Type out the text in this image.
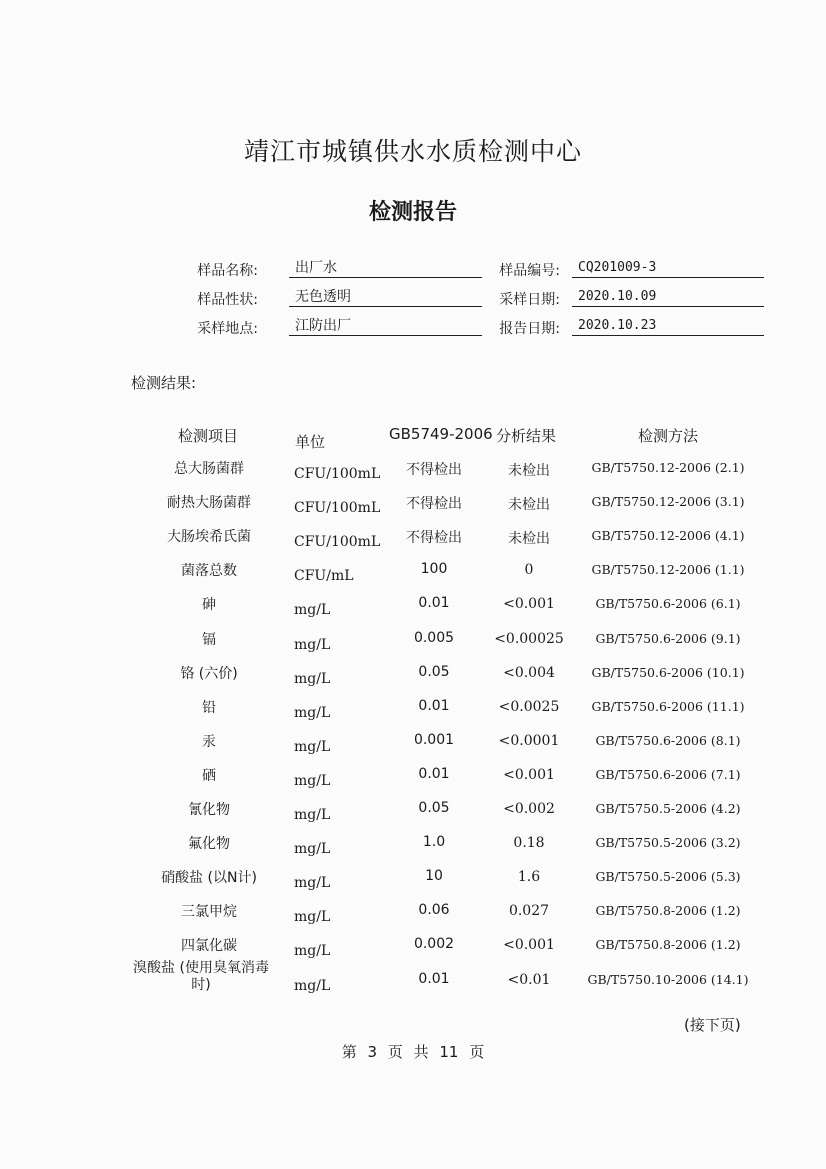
靖江市城镇供水水质检测中心
检测报告
样品名称:	出厂水
样品性状:	无色透明
采样地点:	江防出厂
样品编号:	CQ201009-3
采样日期:	2020.10.09
报告日期:	2020.10.23
检测结果:
检测项目	单位	GB5749-2006 分析结果	检测方法
总大肠菌群	CFU/100mL	不得检出	未检出	GB/T5750.12-2006 (2.1)
耐热大肠菌群	CFU/100mL	不得检出	未检出	GB/T5750.12-2006 (3.1)
大肠埃希氏菌	CFU/100mL	不得检出	未检出	GB/T5750.12-2006 (4.1)
菌落总数	CFU/mL	100	0	GB/T5750.12-2006 (1.1)
砷	mg/L	0.01	<0.001	GB/T5750.6-2006 (6.1)
镉	mg/L	0.005	<0.00025	GB/T5750.6-2006 (9.1)
铬 (六价)	mg/L	0.05	<0.004	GB/T5750.6-2006 (10.1)
铅	mg/L	0.01	<0.0025	GB/T5750.6-2006 (11.1)
汞	mg/L	0.001	<0.0001	GB/T5750.6-2006 (8.1)
硒	mg/L	0.01	<0.001	GB/T5750.6-2006 (7.1)
氰化物	mg/L	0.05	<0.002	GB/T5750.5-2006 (4.2)
氟化物	mg/L	1.0	0.18	GB/T5750.5-2006 (3.2)
硝酸盐 (以N计)	mg/L	10	1.6	GB/T5750.5-2006 (5.3)
三氯甲烷	mg/L	0.06	0.027	GB/T5750.8-2006 (1.2)
四氯化碳	mg/L	0.002	<0.001	GB/T5750.8-2006 (1.2)
溴酸盐 (使用臭氧消毒时)	mg/L	0.01	<0.01	GB/T5750.10-2006 (14.1)
(接下页)
第 3 页 共 11 页
